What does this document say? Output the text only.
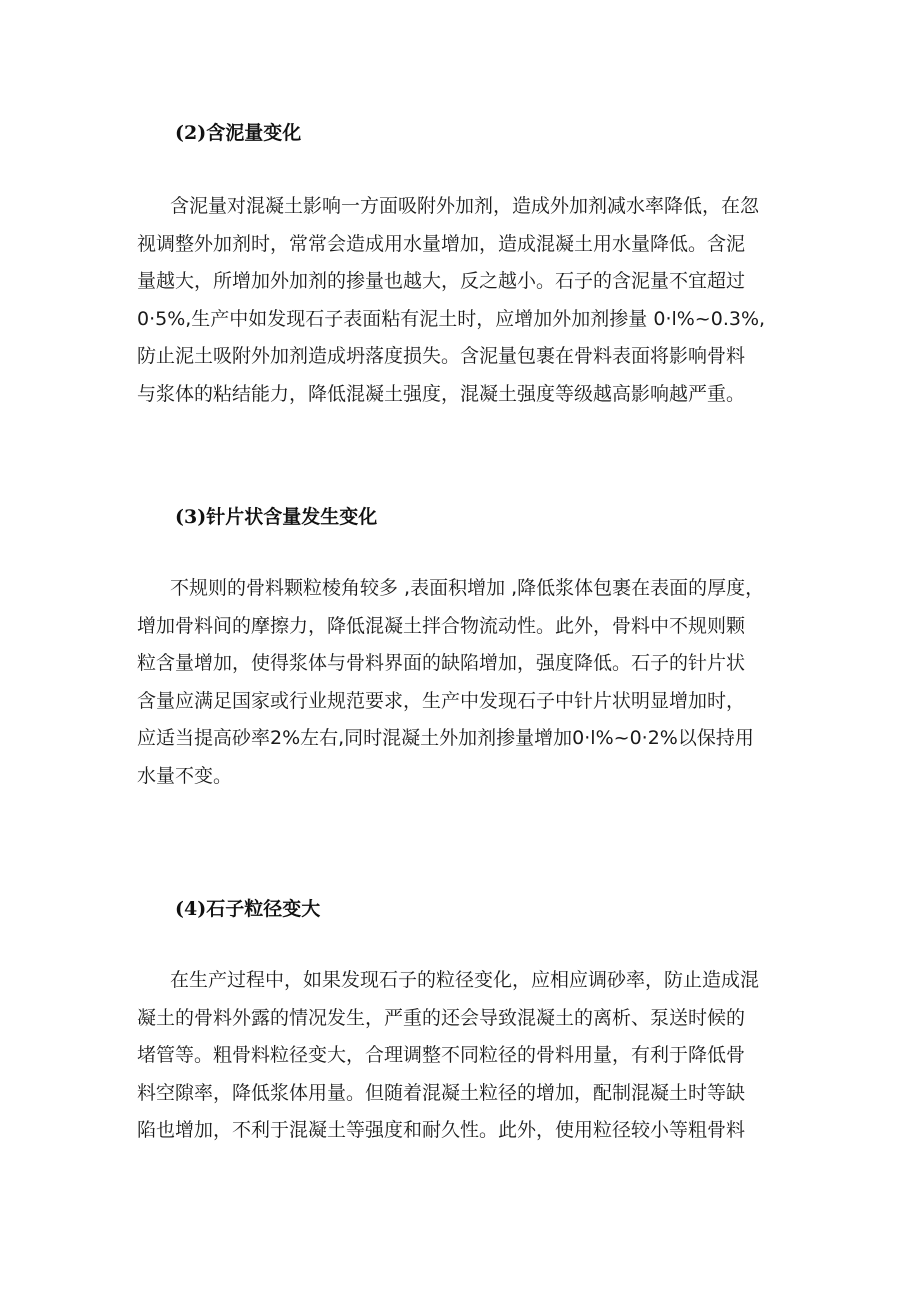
(2)含泥量变化
含泥量对混凝土影响一方面吸附外加剂，造成外加剂减水率降低，在忽
视调整外加剂时，常常会造成用水量增加，造成混凝土用水量降低。含泥
量越大，所增加外加剂的掺量也越大，反之越小。石子的含泥量不宜超过
0·5%,生产中如发现石子表面粘有泥土时，应增加外加剂掺量 0·l%~0.3%,
防止泥土吸附外加剂造成坍落度损失。含泥量包裹在骨料表面将影响骨料
与浆体的粘结能力，降低混凝土强度，混凝土强度等级越高影响越严重。
(3)针片状含量发生变化
不规则的骨料颗粒棱角较多 ,表面积增加 ,降低浆体包裹在表面的厚度，
增加骨料间的摩擦力，降低混凝土拌合物流动性。此外，骨料中不规则颗
粒含量增加，使得浆体与骨料界面的缺陷增加，强度降低。石子的针片状
含量应满足国家或行业规范要求，生产中发现石子中针片状明显增加时，
应适当提高砂率2%左右,同时混凝土外加剂掺量增加0·l%~0·2%以保持用
水量不变。
(4)石子粒径变大
在生产过程中，如果发现石子的粒径变化，应相应调砂率，防止造成混
凝土的骨料外露的情况发生，严重的还会导致混凝土的离析、泵送时候的
堵管等。粗骨料粒径变大，合理调整不同粒径的骨料用量，有利于降低骨
料空隙率，降低浆体用量。但随着混凝土粒径的增加，配制混凝土时等缺
陷也增加，不利于混凝土等强度和耐久性。此外，使用粒径较小等粗骨料
